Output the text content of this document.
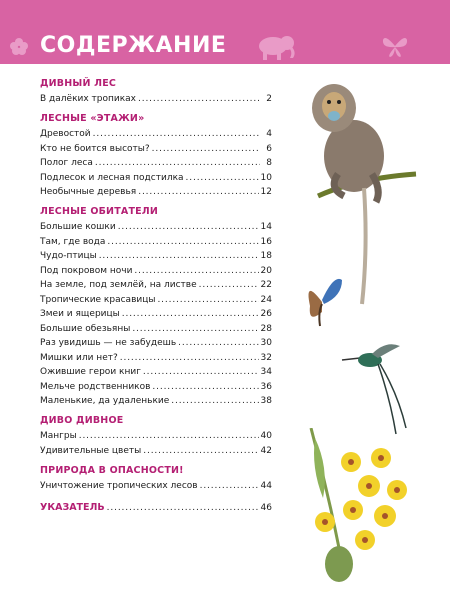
СОДЕРЖАНИЕ
ДИВНЫЙ ЛЕС
В далёких тропиках . . .	2
ЛЕСНЫЕ «ЭТАЖИ»
Древостой . . .	4
Кто не боится высоты? . . .	6
Полог леса . . .	8
Подлесок и лесная подстилка . . .	10
Необычные деревья . . .	12
ЛЕСНЫЕ ОБИТАТЕЛИ
Большие кошки . . .	14
Там, где вода . . .	16
Чудо-птицы . . .	18
Под покровом ночи . . .	20
На земле, под землёй, на листве . . .	22
Тропические красавицы . . .	24
Змеи и ящерицы . . .	26
Большие обезьяны . . .	28
Раз увидишь — не забудешь . . .	30
Мишки или нет? . . .	32
Ожившие герои книг . . .	34
Мельче родственников . . .	36
Маленькие, да удаленькие . . .	38
ДИВО ДИВНОЕ
Мангры . . .	40
Удивительные цветы . . .	42
ПРИРОДА В ОПАСНОСТИ!
Уничтожение тропических лесов . . .	44
УКАЗАТЕЛЬ . . .	46
